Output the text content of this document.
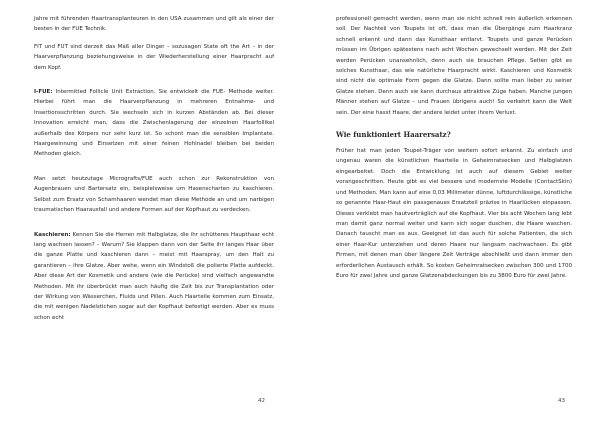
Jahre mit führenden Haartransplanteuren in den USA zusammen und gilt als einer der besten in der FUE Technik.

FIT und FUT sind derzeit das Maß aller Dinger – sozusagen State oft the Art – in der Haarverpflanzung beziehungsweise in der Wiederherstellung einer Haarpracht auf dem Kopf.

I-FUE: Intermitted Follicle Unit Extraction. Sie entwickelt die FUE- Methode weiter. Hierbei führt man die Haarverpflanzung in mehreren Entnahme- und Insertionsschritten durch. Sie wechseln sich in kurzen Abständen ab. Bei dieser Innovation erreicht man, dass die Zwischenlagerung der einzelnen Haarfollikel außerhalb des Körpers nur sehr kurz ist. So schont man die sensiblen Implantate. Haargewinnung und Einsetzen mit einer feinen Hohlnadel bleiben bei beiden Methoden gleich.

Man setzt heutzutage Micrografts/FUE auch schon zur Rekonstruktion von Augenbrauen und Bartersatz ein, beispielsweise um Hasenscharten zu kaschieren. Selbst zum Ersatz von Schamhaaren wendet man diese Methode an und um narbigen traumatischen Haarausfall und andere Formen auf der Kopfhaut zu verdecken.

Kaschieren: Kennen Sie die Herren mit Halbglatze, die ihr schütteres Haupthaar echt lang wachsen lassen? – Warum? Sie klappen dann von der Seite ihr langes Haar über die ganze Platte und kaschieren dann – meist mit Haarspray, um den Halt zu garantieren – ihre Glatze. Aber wehe, wenn ein Windstoß die polierte Platte aufdeckt. Aber diese Art der Kosmetik und andere (wie die Perücke) sind vielfach angewandte Methoden. Mit ihr überbrückt man auch häufig die Zeit bis zur Transplantation oder der Wirkung von Wässerchen, Fluids und Pillen. Auch Haarteile kommen zum Einsatz, die mit wenigen Nadelstichen sogar auf der Kopfhaut befestigt werden. Aber es muss schon echt

42

professionell gemacht werden, wenn man sie nicht schnell rein äußerlich erkennen soll. Der Nachteil von Toupets ist oft, dass man die Übergänge zum Haarkranz schnell erkennt und dann das Kunsthaar entlarvt. Toupets und ganze Perücken müssen im Übrigen spätestens nach acht Wochen gewechselt werden. Mit der Zeit werden Perücken unansehnlich, denn auch sie brauchen Pflege. Selten gibt es solches Kunsthaar, das wie natürliche Haarpracht wirkt. Kaschieren und Kosmetik sind nicht die optimale Form gegen die Glatze. Dann sollte man lieber zu seiner Glatze stehen. Denn auch sie kann durchaus attraktive Züge haben. Manche jungen Männer stehen auf Glatze – und Frauen übrigens auch! So verkehrt kann die Welt sein. Der eine hasst Haare, der andere leidet unter ihrem Verlust.

Wie funktioniert Haarersatz?

Früher hat man jeden Toupet-Träger von weitem sofort erkannt. Zu einfach und ungenau waren die künstlichen Haarteile in Geheimratsecken und Halbglatzen eingearbeitet. Doch die Entwicklung ist auch auf diesem Gebiet weiter vorangeschritten. Heute gibt es viel bessere und modernste Modelle (ContactSkin) und Methoden. Man kann auf eine 0,03 Millimeter dünne, luftdurchlässige, künstliche so genannte Haar-Haut ein passgenaues Ersatzteil präzise in Haarlücken einpassen. Dieses verklebt man hautverträglich auf die Kopfhaut. Vier bis acht Wochen lang lebt man damit ganz normal weiter und kann sich sogar duschen, die Haare waschen. Danach tauscht man es aus. Geeignet ist das auch für solche Patienten, die sich einer Haar-Kur unterziehen und deren Haare nur langsam nachwachsen. Es gibt Firmen, mit denen man über längere Zeit Verträge abschließt und dann immer den erforderlichen Austausch erhält. So kosten Geheimratsecken zwischen 300 und 1700 Euro für zwei Jahre und ganze Glatzenabdeckungen bis zu 3800 Euro für zwei Jahre.

43
